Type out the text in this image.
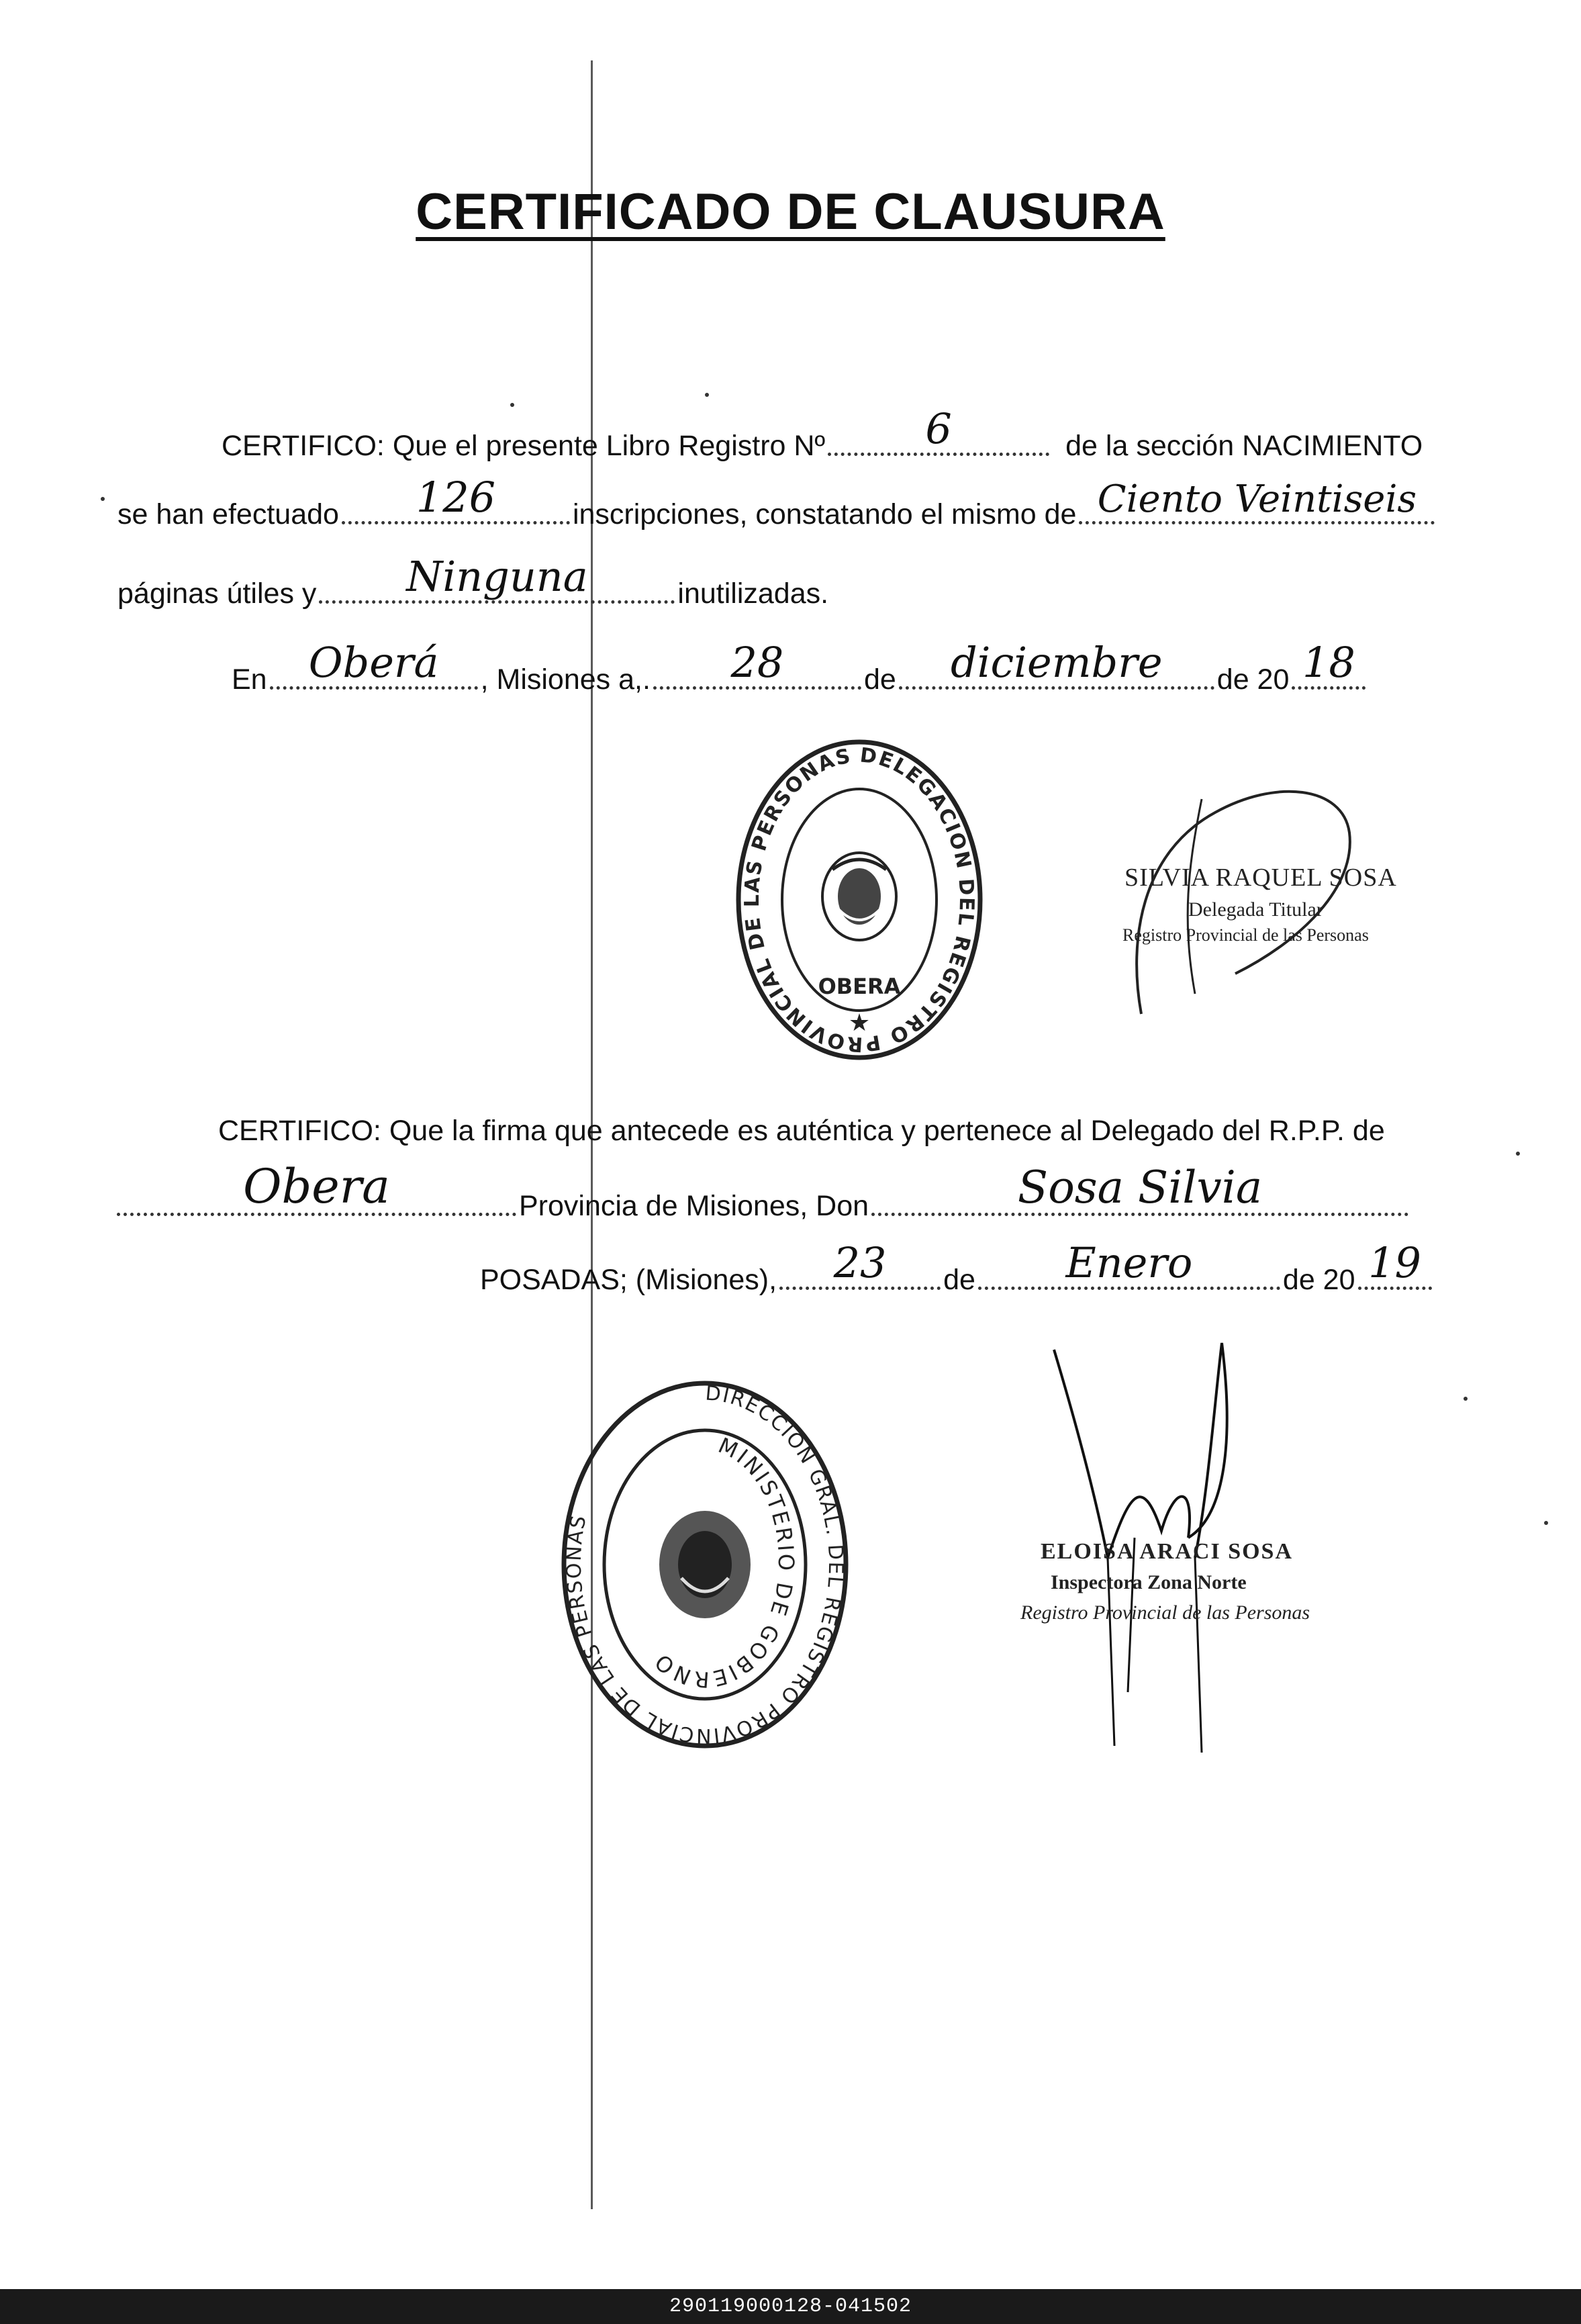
CERTIFICADO DE CLAUSURA
CERTIFICO: Que el presente Libro Registro Nº	6	de la sección NACIMIENTO
se han efectuado	126	inscripciones, constatando el mismo de Ciento Veintiseis
páginas útiles y	Ninguna	inutilizadas.
En	Oberá	, Misiones a,.	28	de	diciembre	de 20 18
DELEGACION DEL REGISTRO PROVINCIAL DE LAS PERSONAS
OBERA
★
SILVIA RAQUEL SOSA
Delegada Titular
Registro Provincial de las Personas
CERTIFICO: Que la firma que antecede es auténtica y pertenece al Delegado del R.P.P. de
Obera	Provincia de Misiones, Don	Sosa Silvia
POSADAS; (Misiones),	23	de	Enero	de 20 19
DIRECCION GRAL. DEL REGISTRO PROVINCIAL DE LAS PERSONAS
MINISTERIO DE GOBIERNO
ELOISA ARACI SOSA
Inspectora Zona Norte
Registro Provincial de las Personas
290119000128-041502
